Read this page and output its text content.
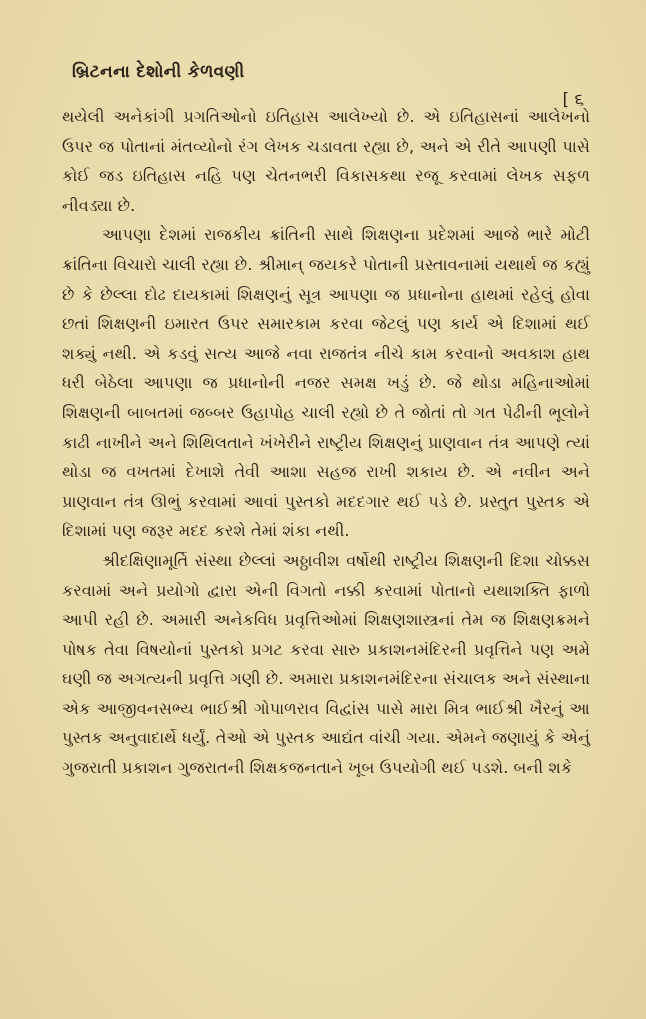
બ્રિટનના દેશોની કેળવણી
[ ૬

થયેલી અનેકાંગી પ્રગતિઓનો ઇતિહાસ આલેખ્યો છે. એ ઇતિહાસનાં આલેખનો ઉપર જ પોતાનાં મંતવ્યોનો રંગ લેખક ચડાવતા રહ્યા છે, અને એ રીતે આપણી પાસે કોઈ જડ ઇતિહાસ નહિ પણ ચેતનભરી વિકાસકથા રજૂ કરવામાં લેખક સફળ નીવડ્યા છે.

આપણા દેશમાં રાજકીય ક્રાંતિની સાથે શિક્ષણના પ્રદેશમાં આજે ભારે મોટી ક્રાંતિના વિચારો ચાલી રહ્યા છે. શ્રીમાન્ જયકરે પોતાની પ્રસ્તાવનામાં યથાર્થ જ કહ્યું છે કે છેલ્લા દોઢ દાયકામાં શિક્ષણનું સૂત્ર આપણા જ પ્રધાનોના હાથમાં રહેલું હોવા છતાં શિક્ષણની ઇમારત ઉપર સમારકામ કરવા જેટલું પણ કાર્ય એ દિશામાં થઈ શક્યું નથી. એ કડવું સત્ય આજે નવા રાજતંત્ર નીચે કામ કરવાનો અવકાશ હાથ ધરી બેઠેલા આપણા જ પ્રધાનોની નજર સમક્ષ ખડું છે. જે થોડા મહિનાઓમાં શિક્ષણની બાબતમાં જબ્બર ઉહાપોહ ચાલી રહ્યો છે તે જોતાં તો ગત પેઢીની ભૂલોને કાઢી નાખીને અને શિથિલતાને ખંખેરીને રાષ્ટ્રીય શિક્ષણનું પ્રાણવાન તંત્ર આપણે ત્યાં થોડા જ વખતમાં દેખાશે તેવી આશા સહજ રાખી શકાય છે. એ નવીન અને પ્રાણવાન તંત્ર ઊભું કરવામાં આવાં પુસ્તકો મદદગાર થઈ પડે છે. પ્રસ્તુત પુસ્તક એ દિશામાં પણ જરૂર મદદ કરશે તેમાં શંકા નથી.

શ્રીદક્ષિણામૂર્તિ સંસ્થા છેલ્લાં અઠ્ઠાવીશ વર્ષોથી રાષ્ટ્રીય શિક્ષણની દિશા ચોક્કસ કરવામાં અને પ્રયોગો દ્વારા એની વિગતો નક્કી કરવામાં પોતાનો યથાશક્તિ ફાળો આપી રહી છે. અમારી અનેકવિધ પ્રવૃત્તિઓમાં શિક્ષણશાસ્ત્રનાં તેમ જ શિક્ષણક્રમને પોષક તેવા વિષયોનાં પુસ્તકો પ્રગટ કરવા સારુ પ્રકાશનમંદિરની પ્રવૃત્તિને પણ અમે ઘણી જ અગત્યની પ્રવૃત્તિ ગણી છે. અમારા પ્રકાશનમંદિરના સંચાલક અને સંસ્થાના એક આજીવનસભ્ય ભાઈશ્રી ગોપાળરાવ વિદ્વાંસ પાસે મારા મિત્ર ભાઈશ્રી ખૈરનું આ પુસ્તક અનુવાદાર્થે ધર્યું. તેઓ એ પુસ્તક આદ્યંત વાંચી ગયા. એમને જણાયું કે એનું ગુજરાતી પ્રકાશન ગુજરાતની શિક્ષકજનતાને ખૂબ ઉપયોગી થઈ પડશે. બની શકે
